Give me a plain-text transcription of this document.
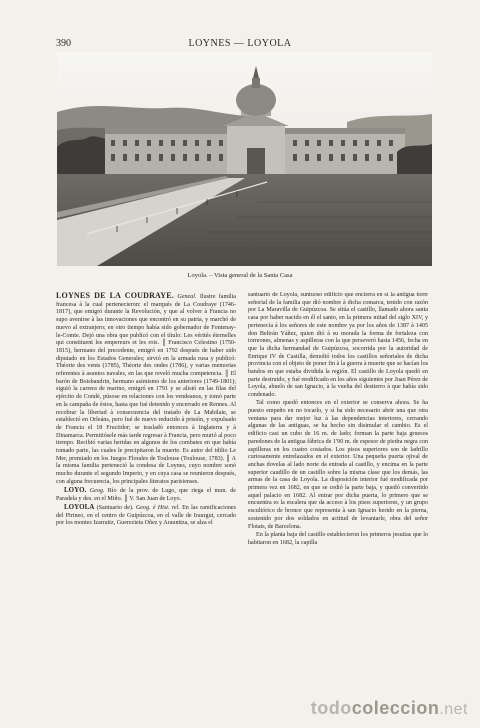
390	LOYNES — LOYOLA
Loyola. – Vista general de la Santa Casa

LOYNES DE LA COUDRAYE. Geneal. Ilustre familia francesa à la cual pertenecieron: el marqués de La Coudraye (1746-1817), que emigró durante la Revolución, y que al volver à Francia no supo avenirse à las innovaciones que encontró en su patria, y marchó de nuevo al extranjero; en otro tiempo había sido gobernador de Fontenay-le-Comte. Dejó una obra que publicó con el título: Les vérités éternelles qui constituent les empereurs et les rois. ║ Francisco Celestino (1750-1815), hermano del precedente, emigró en 1792 después de haber sido diputado en los Estados Generales; sirvió en la armada rusa y publicó: Théorie des vents (1785), Théorie des ondes (1786), y varias memorias referentes à asuntos navales, en las que reveló mucha competencia. ║ El barón de Boisbaudrin, hermano asimismo de los anteriores (1749-1801); siguió la carrera de marino, emigró en 1791 y se alistó en las filas del ejército de Condé, púsose en relaciones con los vendeanos, y tomó parte en la campaña de éstos, hasta que fué detenido y encerrado en Rennes. Al recobrar la libertad à consecuencia del tratado de La Mabilaie, se estableció en Orleáns, pero fué de nuevo reducido à prisión, y expulsado de Francia el 18 Fructidor; se trasladó entonces à Inglaterra y à Dinamarca. Permitiósele más tarde regresar à Francia, pero murió al poco tiempo. Recibió varias heridas en algunos de los combates en que había tomado parte, las cuales le precipitaron la muerte. Es autor del idilio Le Mer, premiado en los Juegos Florales de Toulouse (Toulouse, 1783). ║ A la misma familia perteneció la condesa de Loynes, cuyo nombre sonó mucho durante el segundo Imperio, y en cuya casa se reunieron después, con alguna frecuencia, los principales literatos parisienses.

LOYO. Geog. Río de la prov. de Lugo, que riega el mun. de Paradela y des. en el Miño. ║ V. San Juan de Loyo.

LOYOLA (Santuario de). Geog. é Hist. rel. En las ramificaciones del Pirineo, en el centro de Guipúzcoa, en el valle de Iraurgui, cercado por los montes Izarraitz, Guerezieta Oñez y Araunttza, se alza el

santuario de Loyola, suntuoso edificio que encierra en sí la antigua torre señorial de la familia que dió nombre à dicha comarca, tenido con razón por La Maravilla de Guipúzcoa. Se sitúa el castillo, llamado ahora santa casa por haber nacido en él el santo, en la primera mitad del siglo XIV, y pertenecía à los señores de este nombre ya por los años de 1387 à 1405 don Beltrán Yáñez, quien dió à su morada la forma de fortaleza con torreones, almenas y aspilleras con la que perseveró hasta 1456, fecha en que la dicha hermandad de Guipúzcoa, socorrida por la autoridad de Enrique IV de Castilla, demolió todos los castillos señoriales de dicha provincia con el objeto de poner fin à la guerra à muerte que se hacían los bandos en que estaba dividida la región. El castillo de Loyola quedó en parte destruido, y fué reedificado en los años siguientes por Juan Pérez de Loyola, abuelo de san Ignacio, à la vuelta del destierro à que había sido condenado.

Tal como quedó entonces en el exterior se conserva ahora. Se ha puesto empeño en no tocarlo, y sí ha sido necesario abrir una que otra ventana para dar mejor luz à las dependencias interiores, cerrando algunas de las antiguas, se ha hecho sin disimular el cambio. Es el edificio casi un cubo de 16 m. de lado; forman la parte baja gruesos paredones de la antigua fábrica de 1'90 m. de espesor de piedra negra con aspilleras en los cuatro costados. Los pisos superiores son de ladrillo curiosamente entrelazados en el exterior. Una pequeña puerta ojival de anchas dovelas al lado norte da entrada al castillo, y encima en la parte superior caudillo de un castillo sobre la misma clase que los demás, las armas de la casa de Loyola. La disposición interior fué modificada por primera vez en 1682, en que se cedió la parte baja, y quedó convertido aquel palacio en 1682. Al entrar por dicha puerta, lo primero que se encuentra es la escalera que da acceso à los pisos superiores, y un grupo escultórico de bronce que representa à san Ignacio herido en la pierna, sostenido por dos soldados en actitud de levantarle, obra del señor Flotats, de Barcelona.

En la planta baja del castillo establecieron los primeros jesuitas que lo habitaron en 1682, la capilla

todocoleccion.net
